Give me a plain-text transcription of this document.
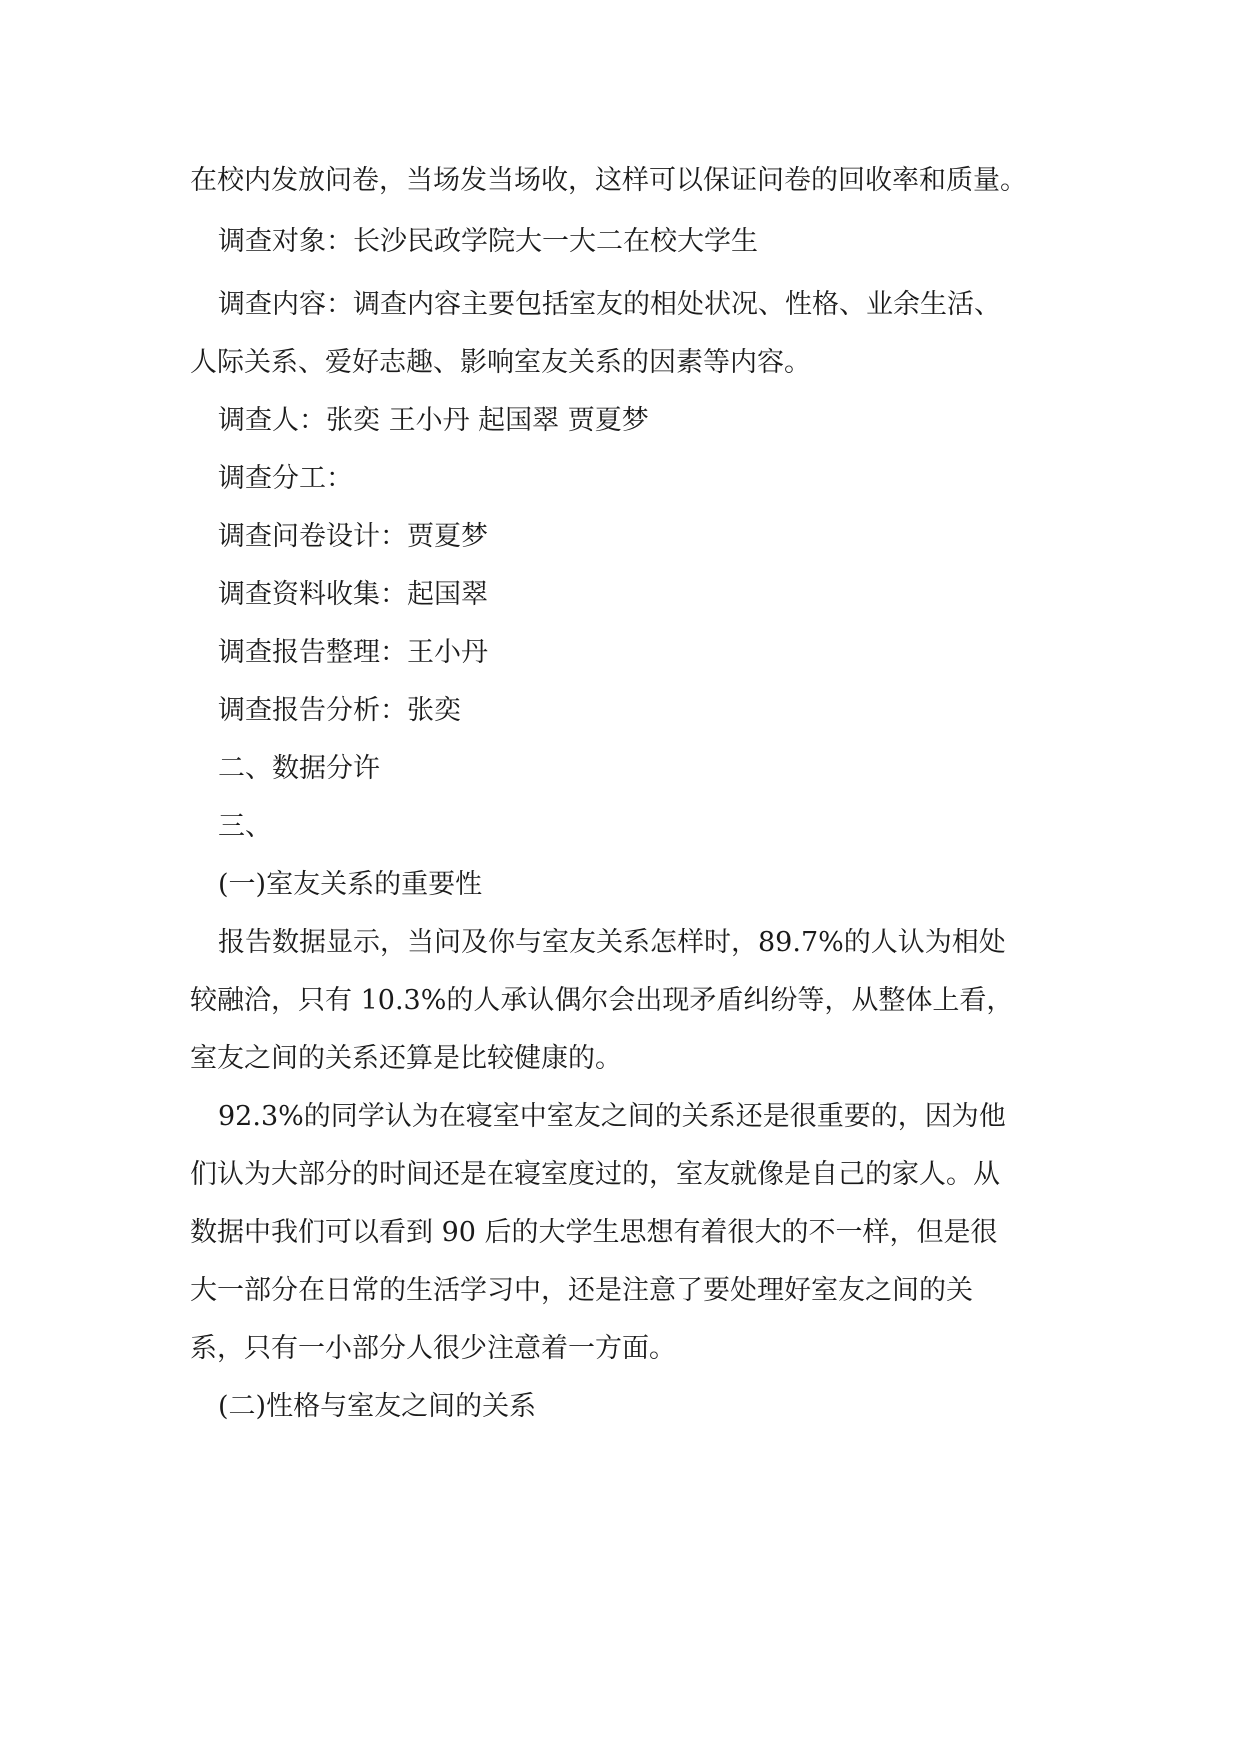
在校内发放问卷，当场发当场收，这样可以保证问卷的回收率和质量。
调查对象：长沙民政学院大一大二在校大学生
调查内容：调查内容主要包括室友的相处状况、性格、业余生活、
人际关系、爱好志趣、影响室友关系的因素等内容。
调查人：张奕 王小丹 起国翠 贾夏梦
调查分工：
调查问卷设计：贾夏梦
调查资料收集：起国翠
调查报告整理：王小丹
调查报告分析：张奕
二、数据分许
三、
(一)室友关系的重要性
报告数据显示，当问及你与室友关系怎样时，89.7%的人认为相处
较融洽，只有 10.3%的人承认偶尔会出现矛盾纠纷等，从整体上看，
室友之间的关系还算是比较健康的。
92.3%的同学认为在寝室中室友之间的关系还是很重要的，因为他
们认为大部分的时间还是在寝室度过的，室友就像是自己的家人。从
数据中我们可以看到 90 后的大学生思想有着很大的不一样，但是很
大一部分在日常的生活学习中，还是注意了要处理好室友之间的关
系，只有一小部分人很少注意着一方面。
(二)性格与室友之间的关系
